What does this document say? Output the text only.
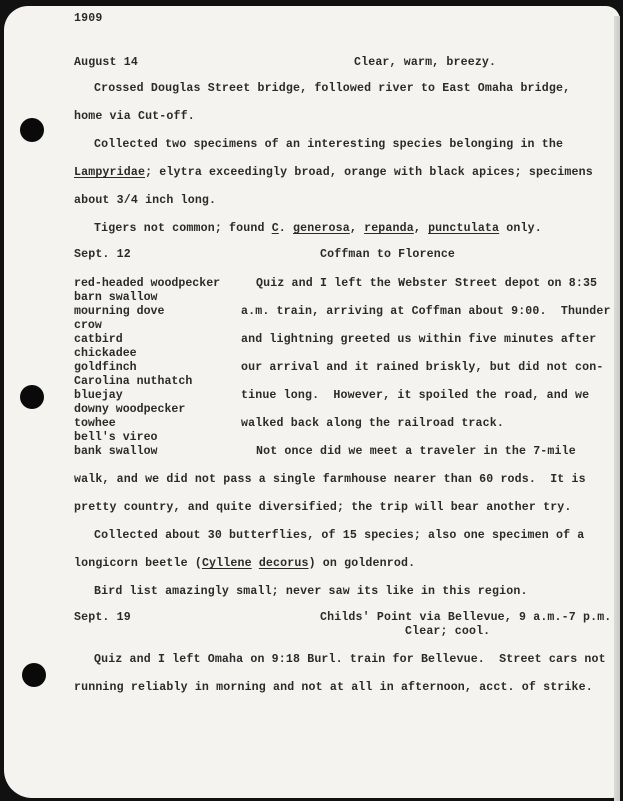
1909
August 14	Clear, warm, breezy.
Crossed Douglas Street bridge, followed river to East Omaha bridge,
home via Cut-off.
Collected two specimens of an interesting species belonging in the
Lampyridae; elytra exceedingly broad, orange with black apices; specimens
about 3/4 inch long.
Tigers not common; found C. generosa, repanda, punctulata only.
Sept. 12	Coffman to Florence
red-headed woodpecker
barn swallow
mourning dove
crow
catbird
chickadee
goldfinch
Carolina nuthatch
bluejay
downy woodpecker
towhee
bell's vireo
bank swallow
Quiz and I left the Webster Street depot on 8:35
a.m. train, arriving at Coffman about 9:00.  Thunder
and lightning greeted us within five minutes after
our arrival and it rained briskly, but did not con-
tinue long.  However, it spoiled the road, and we
walked back along the railroad track.
Not once did we meet a traveler in the 7-mile
walk, and we did not pass a single farmhouse nearer than 60 rods.  It is
pretty country, and quite diversified; the trip will bear another try.
Collected about 30 butterflies, of 15 species; also one specimen of a
longicorn beetle (Cyllene decorus) on goldenrod.
Bird list amazingly small; never saw its like in this region.
Sept. 19	Childs' Point via Bellevue, 9 a.m.-7 p.m.
Clear; cool.
Quiz and I left Omaha on 9:18 Burl. train for Bellevue.  Street cars not
running reliably in morning and not at all in afternoon, acct. of strike.
